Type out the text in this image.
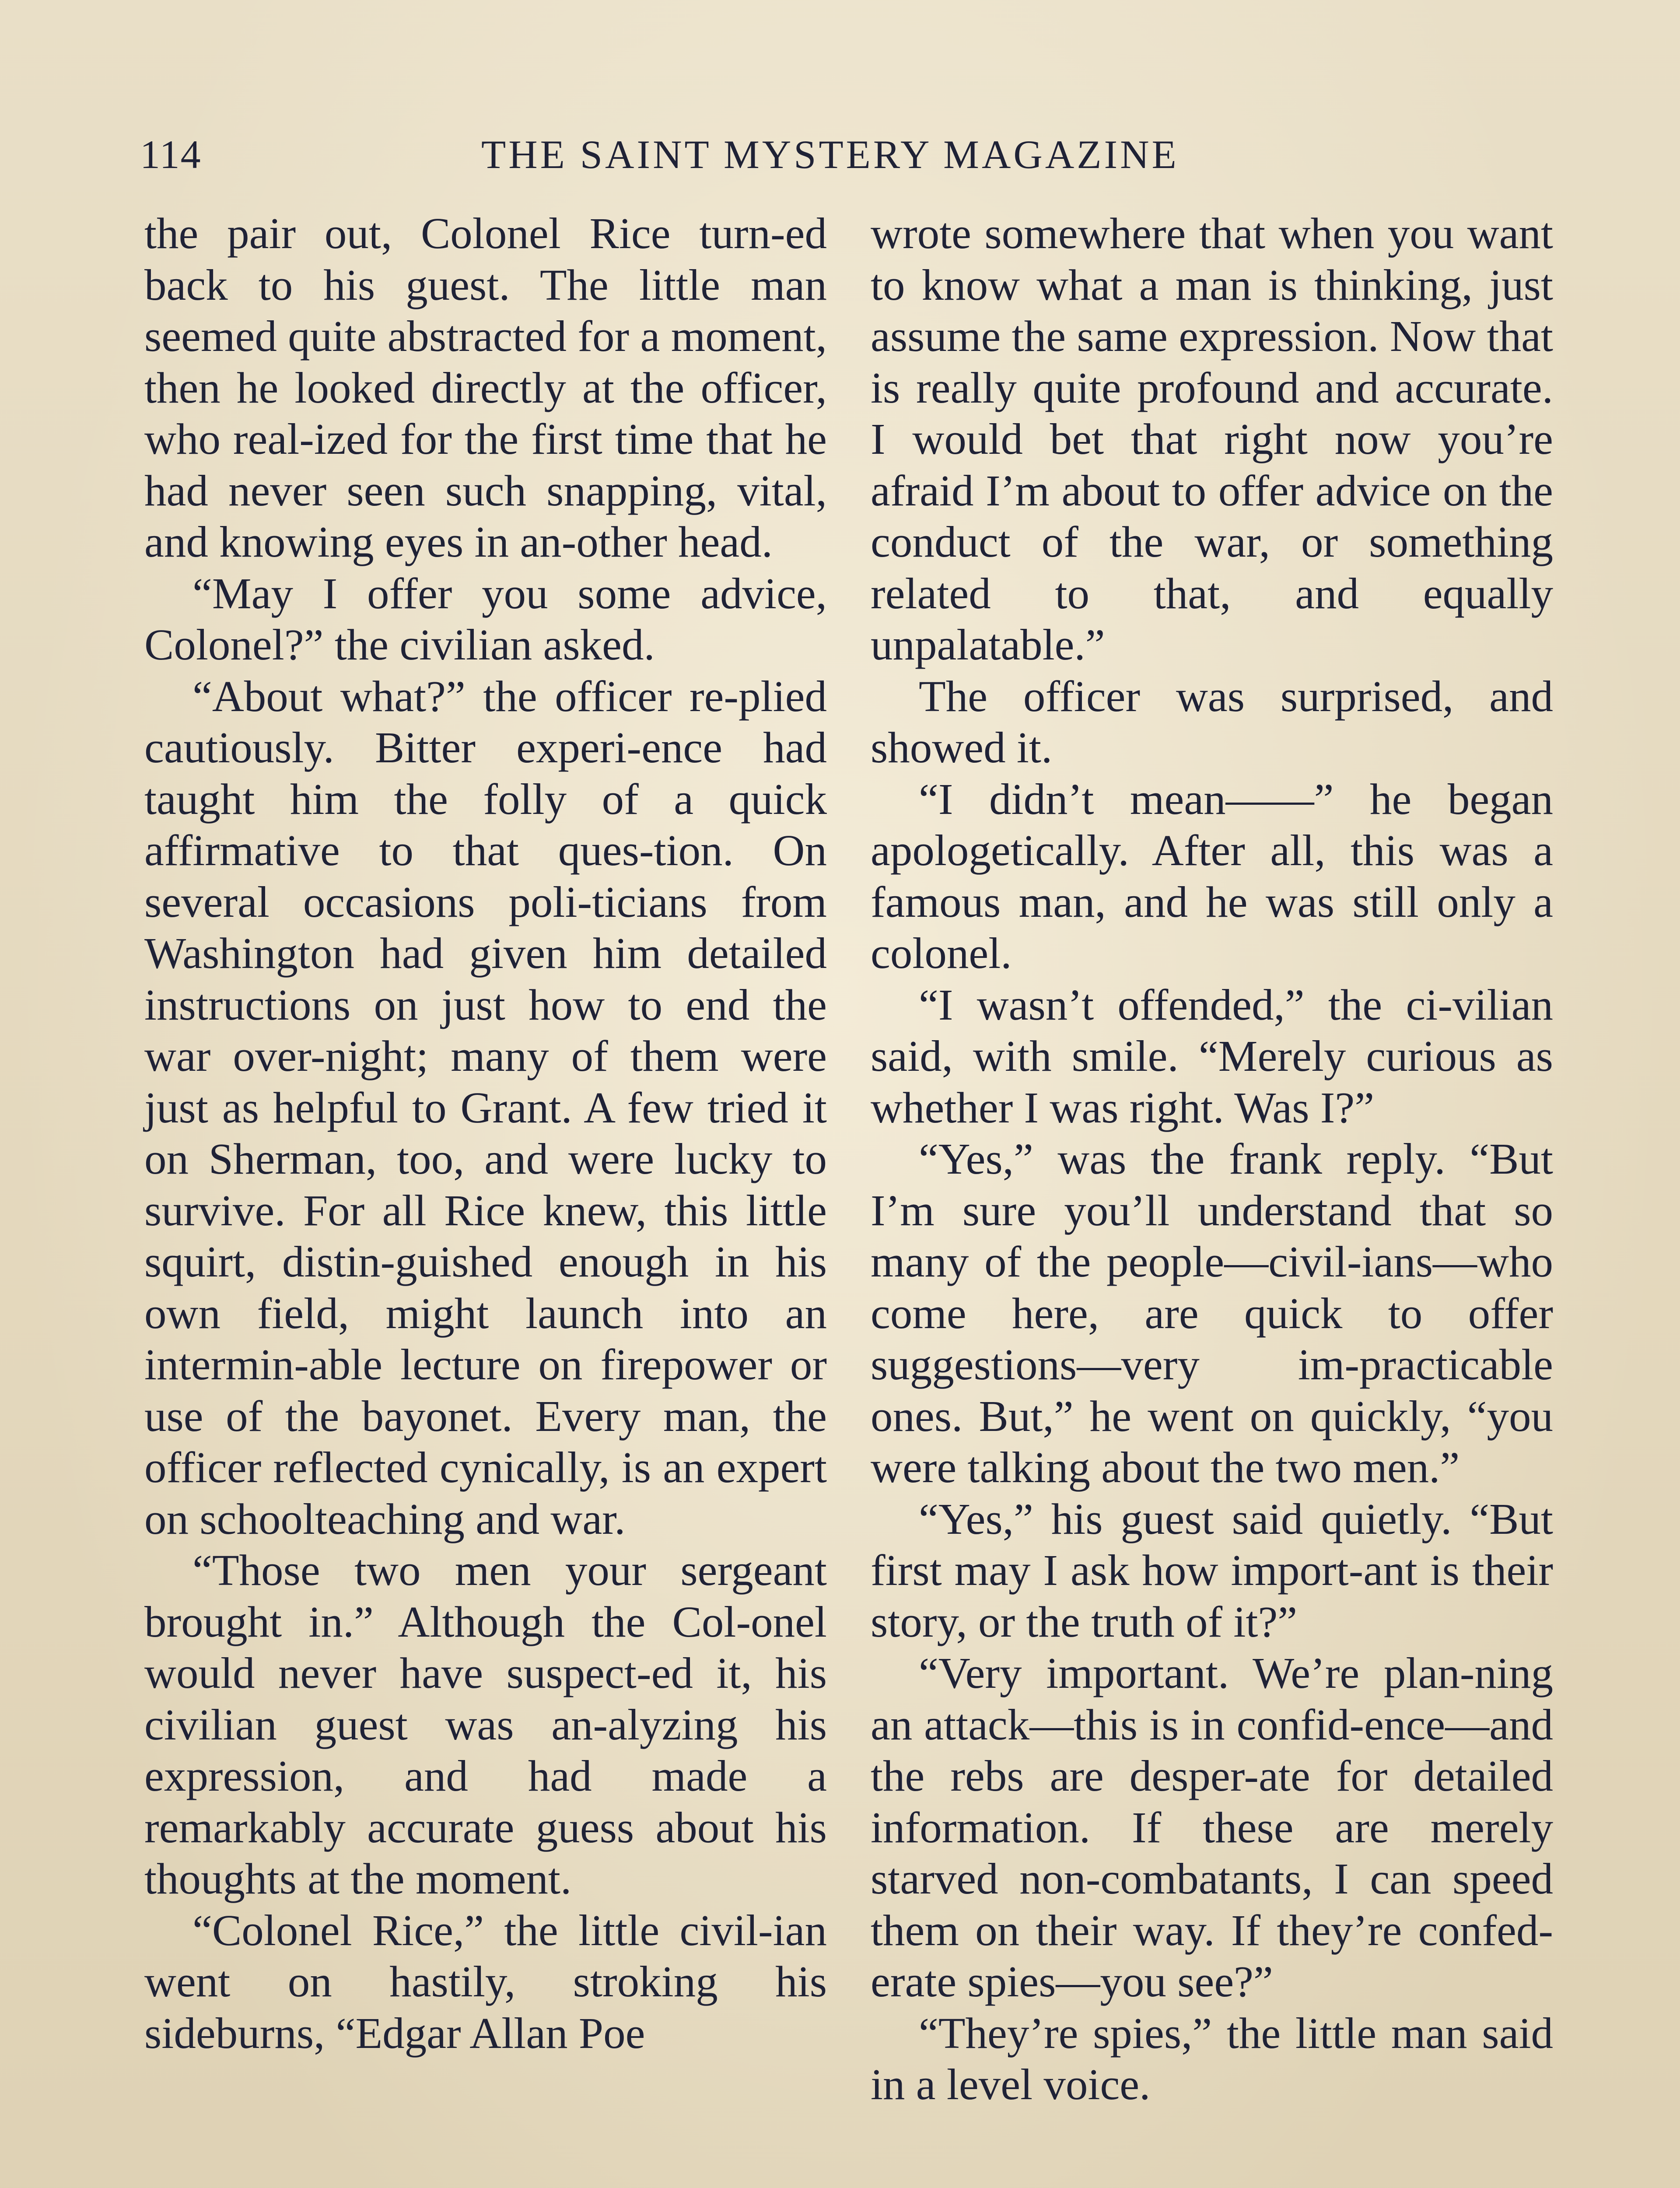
114	THE SAINT MYSTERY MAGAZINE

the pair out, Colonel Rice turn-ed back to his guest. The little man seemed quite abstracted for a moment, then he looked directly at the officer, who real-ized for the first time that he had never seen such snapping, vital, and knowing eyes in an-other head.

“May I offer you some advice, Colonel?” the civilian asked.

“About what?” the officer re-plied cautiously. Bitter experi-ence had taught him the folly of a quick affirmative to that ques-tion. On several occasions poli-ticians from Washington had given him detailed instructions on just how to end the war over-night; many of them were just as helpful to Grant. A few tried it on Sherman, too, and were lucky to survive. For all Rice knew, this little squirt, distin-guished enough in his own field, might launch into an intermin-able lecture on firepower or use of the bayonet. Every man, the officer reflected cynically, is an expert on schoolteaching and war.

“Those two men your sergeant brought in.” Although the Col-onel would never have suspect-ed it, his civilian guest was an-alyzing his expression, and had made a remarkably accurate guess about his thoughts at the moment.

“Colonel Rice,” the little civil-ian went on hastily, stroking his sideburns, “Edgar Allan Poe

wrote somewhere that when you want to know what a man is thinking, just assume the same expression. Now that is really quite profound and accurate. I would bet that right now you’re afraid I’m about to offer advice on the conduct of the war, or something related to that, and equally unpalatable.”

The officer was surprised, and showed it.

“I didn’t mean——” he began apologetically. After all, this was a famous man, and he was still only a colonel.

“I wasn’t offended,” the ci-vilian said, with smile. “Merely curious as whether I was right. Was I?”

“Yes,” was the frank reply. “But I’m sure you’ll understand that so many of the people—civil-ians—who come here, are quick to offer suggestions—very im-practicable ones. But,” he went on quickly, “you were talking about the two men.”

“Yes,” his guest said quietly. “But first may I ask how import-ant is their story, or the truth of it?”

“Very important. We’re plan-ning an attack—this is in confid-ence—and the rebs are desper-ate for detailed information. If these are merely starved non-combatants, I can speed them on their way. If they’re confed-erate spies—you see?”

“They’re spies,” the little man said in a level voice.
